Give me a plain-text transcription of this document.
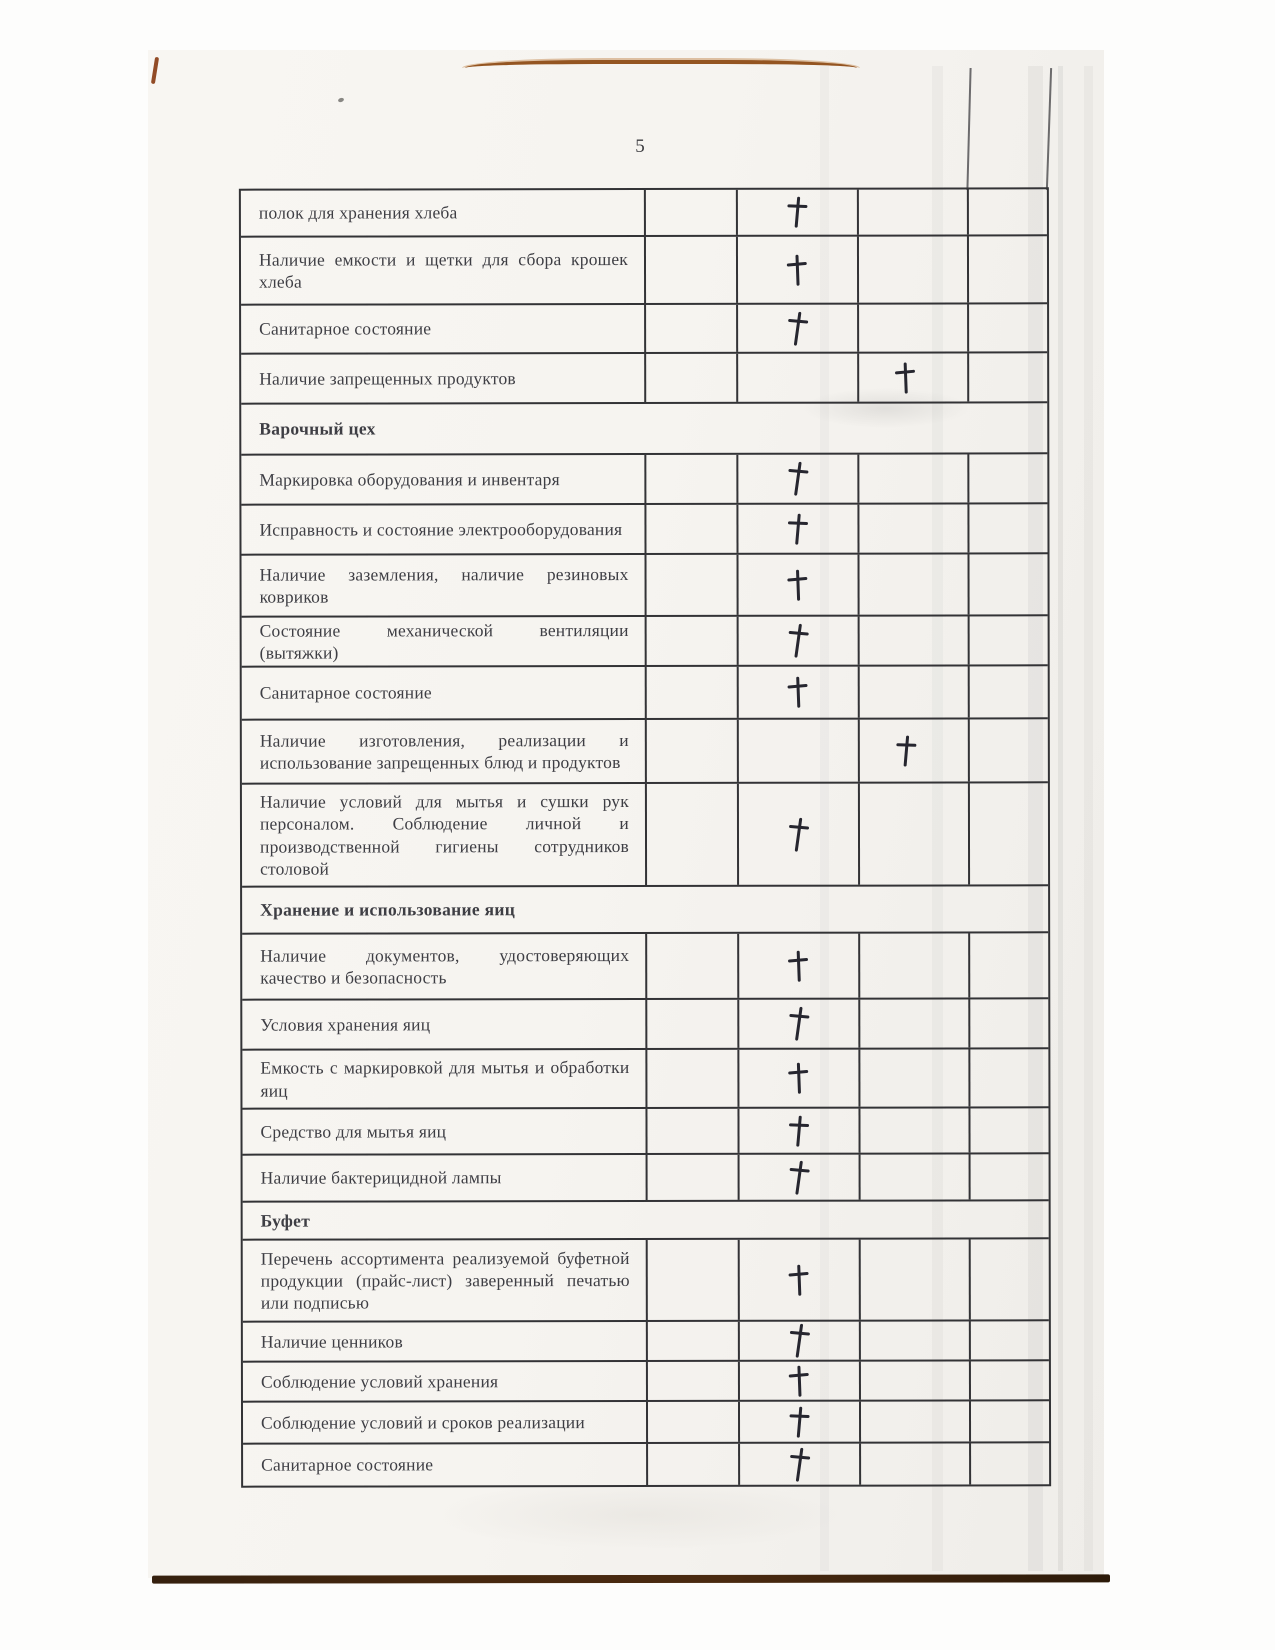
5
полок для хранения хлеба
Наличие емкости и щетки для сбора крошек хлеба
Санитарное состояние
Наличие запрещенных продуктов
Варочный цех
Маркировка оборудования и инвентаря
Исправность и состояние электрооборудования
Наличие заземления, наличие резиновых ковриков
Состояние механической вентиляции (вытяжки)
Санитарное состояние
Наличие изготовления, реализации и использование запрещенных блюд и продуктов
Наличие условий для мытья и сушки рук персоналом. Соблюдение личной и производственной гигиены сотрудников столовой
Хранение и использование яиц
Наличие документов, удостоверяющих качество и безопасность
Условия хранения яиц
Емкость с маркировкой для мытья и обработки яиц
Средство для мытья яиц
Наличие бактерицидной лампы
Буфет
Перечень ассортимента реализуемой буфетной продукции (прайс-лист) заверенный печатью или подписью
Наличие ценников
Соблюдение условий хранения
Соблюдение условий и сроков реализации
Санитарное состояние
